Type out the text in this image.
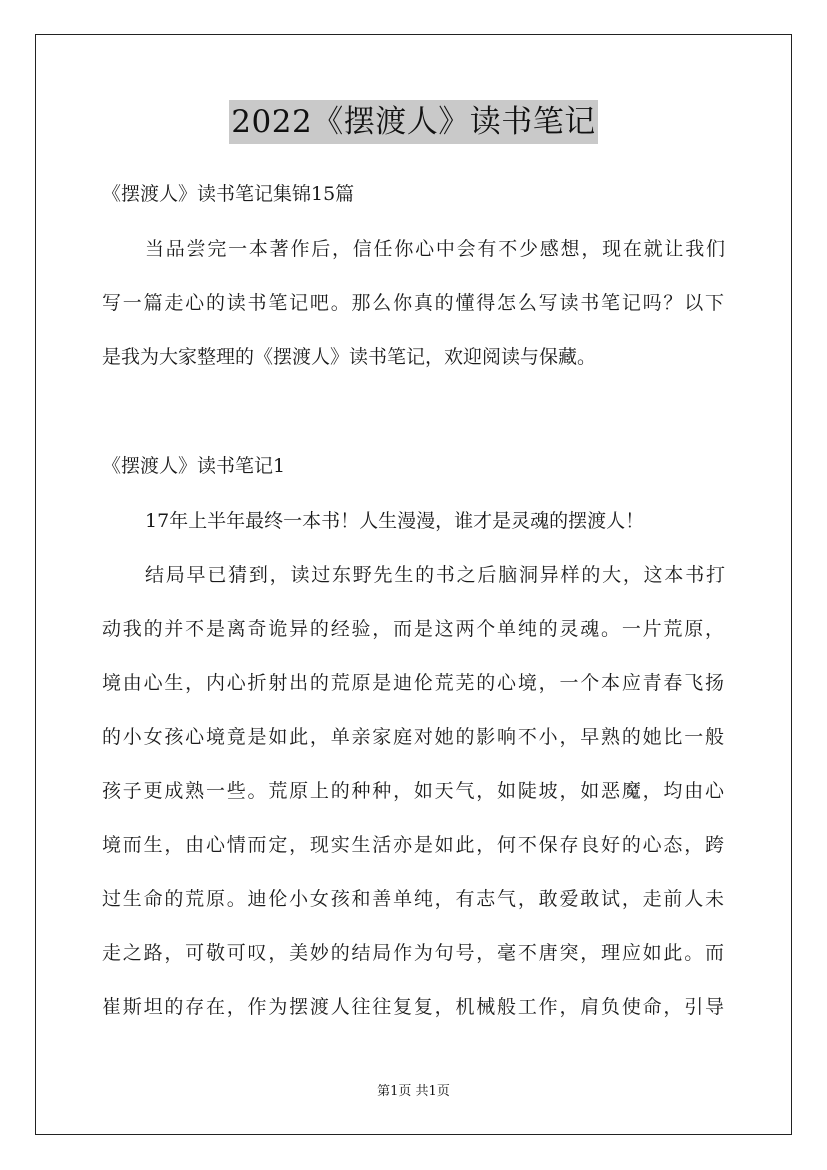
2022《摆渡人》读书笔记
《摆渡人》读书笔记集锦15篇
当品尝完一本著作后，信任你心中会有不少感想，现在就让我们
写一篇走心的读书笔记吧。那么你真的懂得怎么写读书笔记吗？以下
是我为大家整理的《摆渡人》读书笔记，欢迎阅读与保藏。
《摆渡人》读书笔记1
17年上半年最终一本书！人生漫漫，谁才是灵魂的摆渡人！
结局早已猜到，读过东野先生的书之后脑洞异样的大，这本书打
动我的并不是离奇诡异的经验，而是这两个单纯的灵魂。一片荒原，
境由心生，内心折射出的荒原是迪伦荒芜的心境，一个本应青春飞扬
的小女孩心境竟是如此，单亲家庭对她的影响不小，早熟的她比一般
孩子更成熟一些。荒原上的种种，如天气，如陡坡，如恶魔，均由心
境而生，由心情而定，现实生活亦是如此，何不保存良好的心态，跨
过生命的荒原。迪伦小女孩和善单纯，有志气，敢爱敢试，走前人未
走之路，可敬可叹，美妙的结局作为句号，毫不唐突，理应如此。而
崔斯坦的存在，作为摆渡人往往复复，机械般工作，肩负使命，引导
第1页 共1页
